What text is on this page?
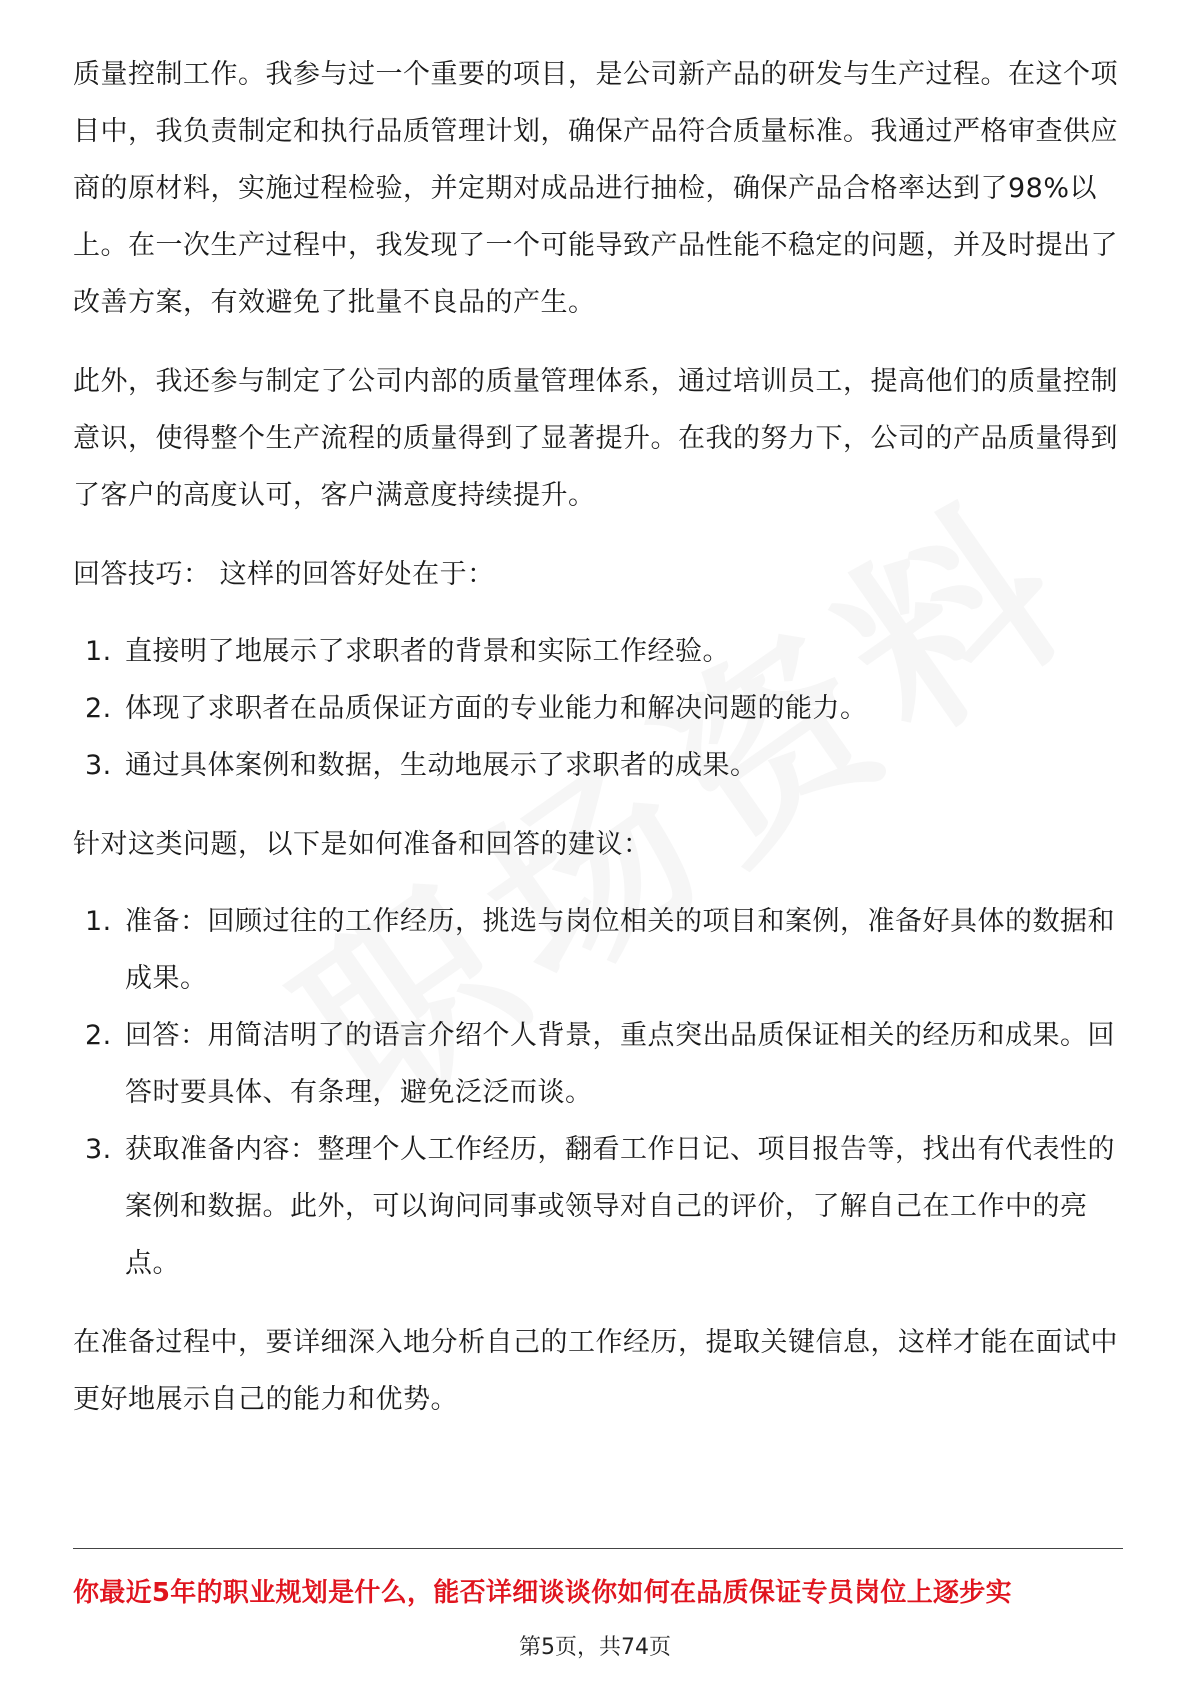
质量控制工作。我参与过一个重要的项目，是公司新产品的研发与生产过程。在这个项目中，我负责制定和执行品质管理计划，确保产品符合质量标准。我通过严格审查供应商的原材料，实施过程检验，并定期对成品进行抽检，确保产品合格率达到了98%以上。在一次生产过程中，我发现了一个可能导致产品性能不稳定的问题，并及时提出了改善方案，有效避免了批量不良品的产生。

此外，我还参与制定了公司内部的质量管理体系，通过培训员工，提高他们的质量控制意识，使得整个生产流程的质量得到了显著提升。在我的努力下，公司的产品质量得到了客户的高度认可，客户满意度持续提升。

回答技巧： 这样的回答好处在于：

1. 直接明了地展示了求职者的背景和实际工作经验。
2. 体现了求职者在品质保证方面的专业能力和解决问题的能力。
3. 通过具体案例和数据，生动地展示了求职者的成果。

针对这类问题，以下是如何准备和回答的建议：

1. 准备：回顾过往的工作经历，挑选与岗位相关的项目和案例，准备好具体的数据和成果。
2. 回答：用简洁明了的语言介绍个人背景，重点突出品质保证相关的经历和成果。回答时要具体、有条理，避免泛泛而谈。
3. 获取准备内容：整理个人工作经历，翻看工作日记、项目报告等，找出有代表性的案例和数据。此外，可以询问同事或领导对自己的评价，了解自己在工作中的亮点。

在准备过程中，要详细深入地分析自己的工作经历，提取关键信息，这样才能在面试中更好地展示自己的能力和优势。

你最近5年的职业规划是什么，能否详细谈谈你如何在品质保证专员岗位上逐步实
第5页，共74页
